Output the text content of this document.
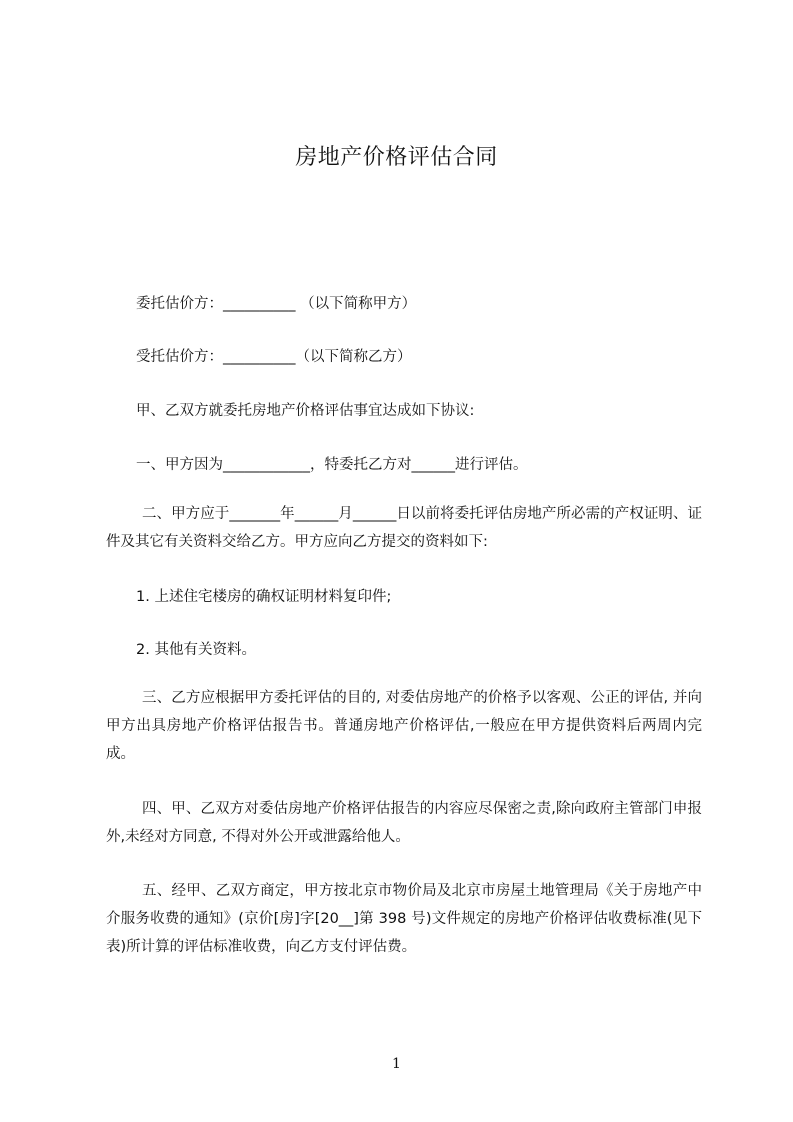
房地产价格评估合同
委托估价方：__________ （以下简称甲方）
受托估价方：__________（以下简称乙方）
甲、乙双方就委托房地产价格评估事宜达成如下协议:
一、甲方因为____________，特委托乙方对______进行评估。
二、甲方应于_______年______月______日以前将委托评估房地产所必需的产权证明、证件及其它有关资料交给乙方。甲方应向乙方提交的资料如下:
1. 上述住宅楼房的确权证明材料复印件;
2. 其他有关资料。
三、乙方应根据甲方委托评估的目的, 对委估房地产的价格予以客观、公正的评估, 并向甲方出具房地产价格评估报告书。普通房地产价格评估,一般应在甲方提供资料后两周内完成。
四、甲、乙双方对委估房地产价格评估报告的内容应尽保密之责,除向政府主管部门申报外,未经对方同意, 不得对外公开或泄露给他人。
五、经甲、乙双方商定，甲方按北京市物价局及北京市房屋土地管理局《关于房地产中介服务收费的通知》(京价[房]字[20__]第 398 号)文件规定的房地产价格评估收费标准(见下表)所计算的评估标准收费，向乙方支付评估费。
1
